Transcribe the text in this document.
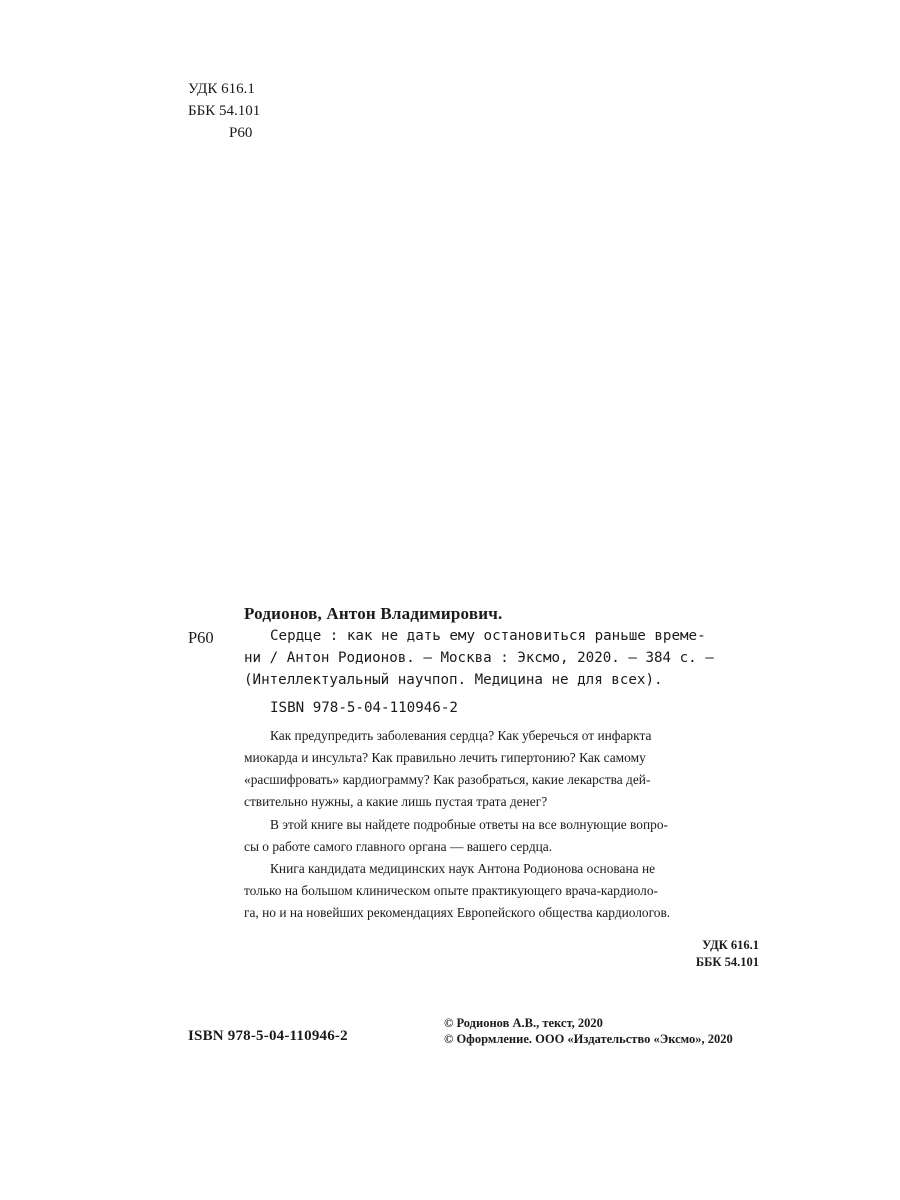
УДК 616.1
ББК 54.101
Р60
Родионов, Антон Владимирович.
Р60	Сердце : как не дать ему остановиться раньше време-
ни / Антон Родионов. — Москва : Эксмо, 2020. — 384 с. —
(Интеллектуальный научпоп. Медицина не для всех).
ISBN 978-5-04-110946-2
Как предупредить заболевания сердца? Как уберечься от инфаркта
миокарда и инсульта? Как правильно лечить гипертонию? Как самому
«расшифровать» кардиограмму? Как разобраться, какие лекарства дей-
ствительно нужны, а какие лишь пустая трата денег?
В этой книге вы найдете подробные ответы на все волнующие вопро-
сы о работе самого главного органа — вашего сердца.
Книга кандидата медицинских наук Антона Родионова основана не
только на большом клиническом опыте практикующего врача-кардиоло-
га, но и на новейших рекомендациях Европейского общества кардиологов.
УДК 616.1
ББК 54.101
ISBN 978-5-04-110946-2
© Родионов А.В., текст, 2020
© Оформление. ООО «Издательство «Эксмо», 2020
